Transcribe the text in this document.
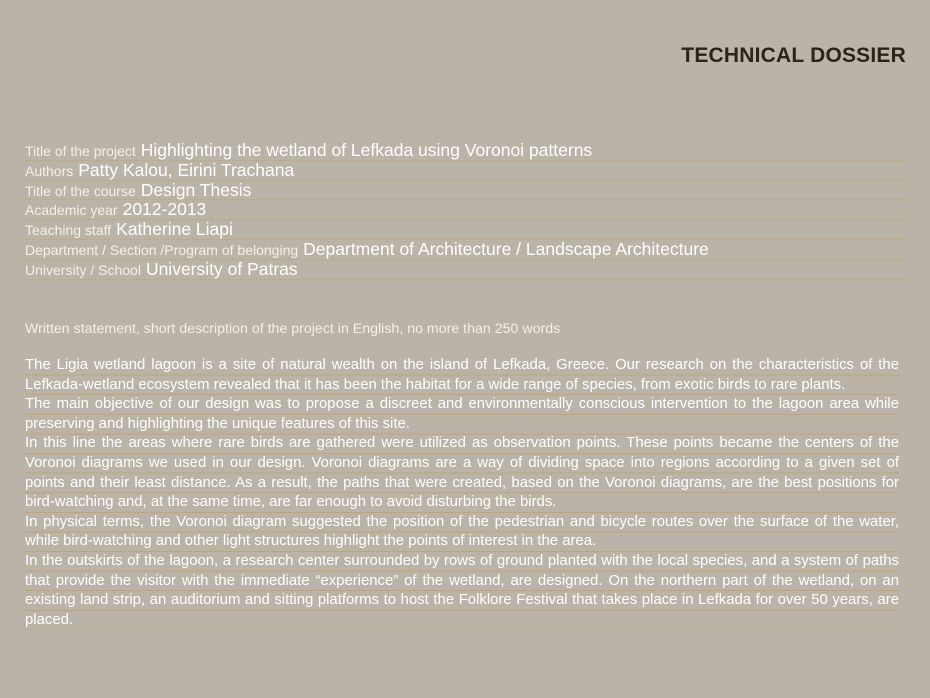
TECHNICAL DOSSIER
Title of the project Highlighting the wetland of Lefkada using Voronoi patterns
Authors Patty Kalou, Eirini Trachana
Title of the course Design Thesis
Academic year 2012-2013
Teaching staff Katherine Liapi
Department / Section /Program of belonging Department of Architecture / Landscape Architecture
University / School University of Patras
Written statement, short description of the project in English, no more than 250 words

The Ligia wetland lagoon is a site of natural wealth on the island of Lefkada, Greece. Our research on the characteristics of the Lefkada-wetland ecosystem revealed that it has been the habitat for a wide range of species, from exotic birds to rare plants.

The main objective of our design was to propose a discreet and environmentally conscious intervention to the lagoon area while preserving and highlighting the unique features of this site.

In this line the areas where rare birds are gathered were utilized as observation points. These points became the centers of the Voronoi diagrams we used in our design. Voronoi diagrams are a way of dividing space into regions according to a given set of points and their least distance. As a result, the paths that were created, based on the Voronoi diagrams, are the best positions for bird-watching and, at the same time, are far enough to avoid disturbing the birds.

In physical terms, the Voronoi diagram suggested the position of the pedestrian and bicycle routes over the surface of the water, while bird-watching and other light structures highlight the points of interest in the area.

In the outskirts of the lagoon, a research center surrounded by rows of ground planted with the local species, and a system of paths that provide the visitor with the immediate “experience” of the wetland, are designed. On the northern part of the wetland, on an existing land strip, an auditorium and sitting platforms to host the Folklore Festival that takes place in Lefkada for over 50 years, are placed.
